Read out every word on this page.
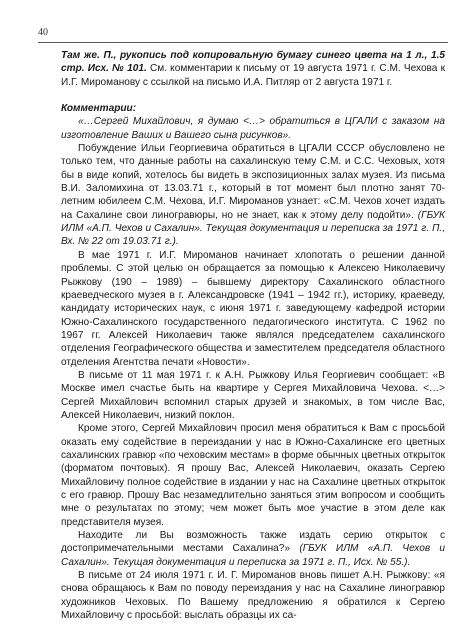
40

Там же. П., рукопись под копировальную бумагу синего цвета на 1 л., 1.5 стр. Исх. № 101. См. комментарии к письму от 19 августа 1971 г. С.М. Чехова к И.Г. Мироманову с ссылкой на письмо И.А. Питляр от 2 августа 1971 г.

Комментарии:

«…Сергей Михайлович, я думаю <…> обратиться в ЦГАЛИ с заказом на изготовление Ваших и Вашего сына рисунков».

Побуждение Ильи Георгиевича обратиться в ЦГАЛИ СССР обусловлено не только тем, что данные работы на сахалинскую тему С.М. и С.С. Чеховых, хотя бы в виде копий, хотелось бы видеть в экспозиционных залах музея. Из письма В.И. Заломихина от 13.03.71 г., который в тот момент был плотно занят 70-летним юбилеем С.М. Чехова, И.Г. Мироманов узнает: «С.М. Чехов хочет издать на Сахалине свои линогравюры, но не знает, как к этому делу подойти». (ГБУК ИЛМ «А.П. Чехов и Сахалин». Текущая документация и переписка за 1971 г. П., Вх. № 22 от 19.03.71 г.).

В мае 1971 г. И.Г. Мироманов начинает хлопотать о решении данной проблемы. С этой целью он обращается за помощью к Алексею Николаевичу Рыжкову (190 – 1989) – бывшему директору Сахалинского областного краеведческого музея в г. Александровске (1941 – 1942 гг.), историку, краеведу, кандидату исторических наук, с июня 1971 г. заведующему кафедрой истории Южно-Сахалинского государственного педагогического института. С 1962 по 1967 гг. Алексей Николаевич также являлся председателем сахалинского отделения Географического общества и заместителем председателя областного отделения Агентства печати «Новости».

В письме от 11 мая 1971 г. к А.Н. Рыжкову Илья Георгиевич сообщает: «В Москве имел счастье быть на квартире у Сергея Михайловича Чехова. <…> Сергей Михайлович вспомнил старых друзей и знакомых, в том числе Вас, Алексей Николаевич, низкий поклон.

Кроме этого, Сергей Михайлович просил меня обратиться к Вам с просьбой оказать ему содействие в переиздании у нас в Южно-Сахалинске его цветных сахалинских гравюр «по чеховским местам» в форме обычных цветных открыток (форматом почтовых). Я прошу Вас, Алексей Николаевич, оказать Сергею Михайловичу полное содействие в издании у нас на Сахалине цветных открыток с его гравюр. Прошу Вас незамедлительно заняться этим вопросом и сообщить мне о результатах по этому; чем может быть мое участие в этом деле как представителя музея.

Находите ли Вы возможность также издать серию открыток с достопримечательными местами Сахалина?» (ГБУК ИЛМ «А.П. Чехов и Сахалин». Текущая документация и переписка за 1971 г. П., Исх. № 55.).

В письме от 24 июля 1971 г. И. Г. Мироманов вновь пишет А.Н. Рыжкову: «я снова обращаюсь к Вам по поводу переиздания у нас на Сахалине линогравюр художников Чеховых. По Вашему предложению я обратился к Сергею Михайловичу с просьбой: выслать образцы их са-
